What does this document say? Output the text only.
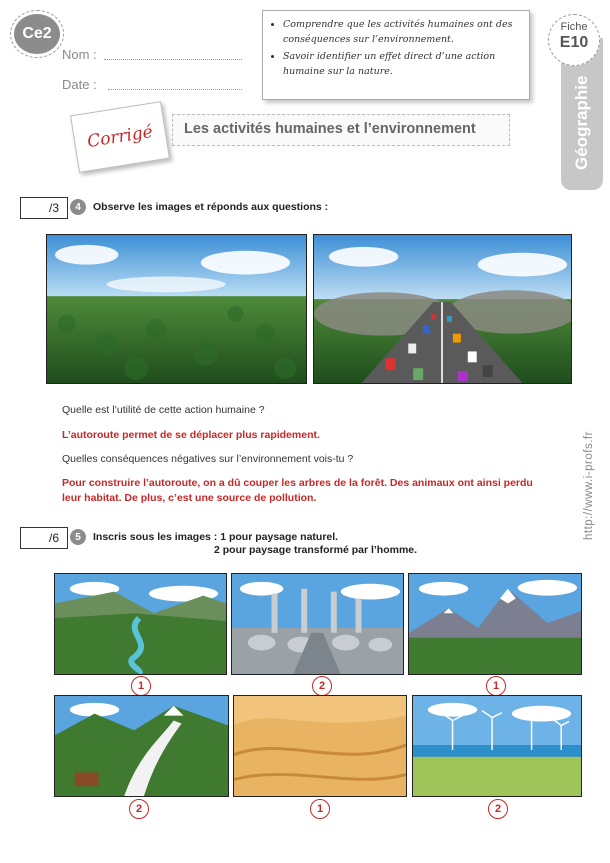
Ce2
Nom :
Date :
• Comprendre que les activités humaines ont des conséquences sur l’environnement.
• Savoir identifier un effet direct d’une action humaine sur la nature.
Fiche
E10
Géographie
Les activités humaines et l’environnement
Corrigé
/3	4	Observe les images et réponds aux questions :
Quelle est l’utilité de cette action humaine ?
L’autoroute permet de se déplacer plus rapidement.
Quelles conséquences négatives sur l’environnement vois-tu ?
Pour construire l’autoroute, on a dû couper les arbres de la forêt. Des animaux ont ainsi perdu leur habitat. De plus, c’est une source de pollution.
/6	5	Inscris sous les images : 1 pour paysage naturel.
2 pour paysage transformé par l’homme.
1	2	1
2	1	2
http://www.i-profs.fr
